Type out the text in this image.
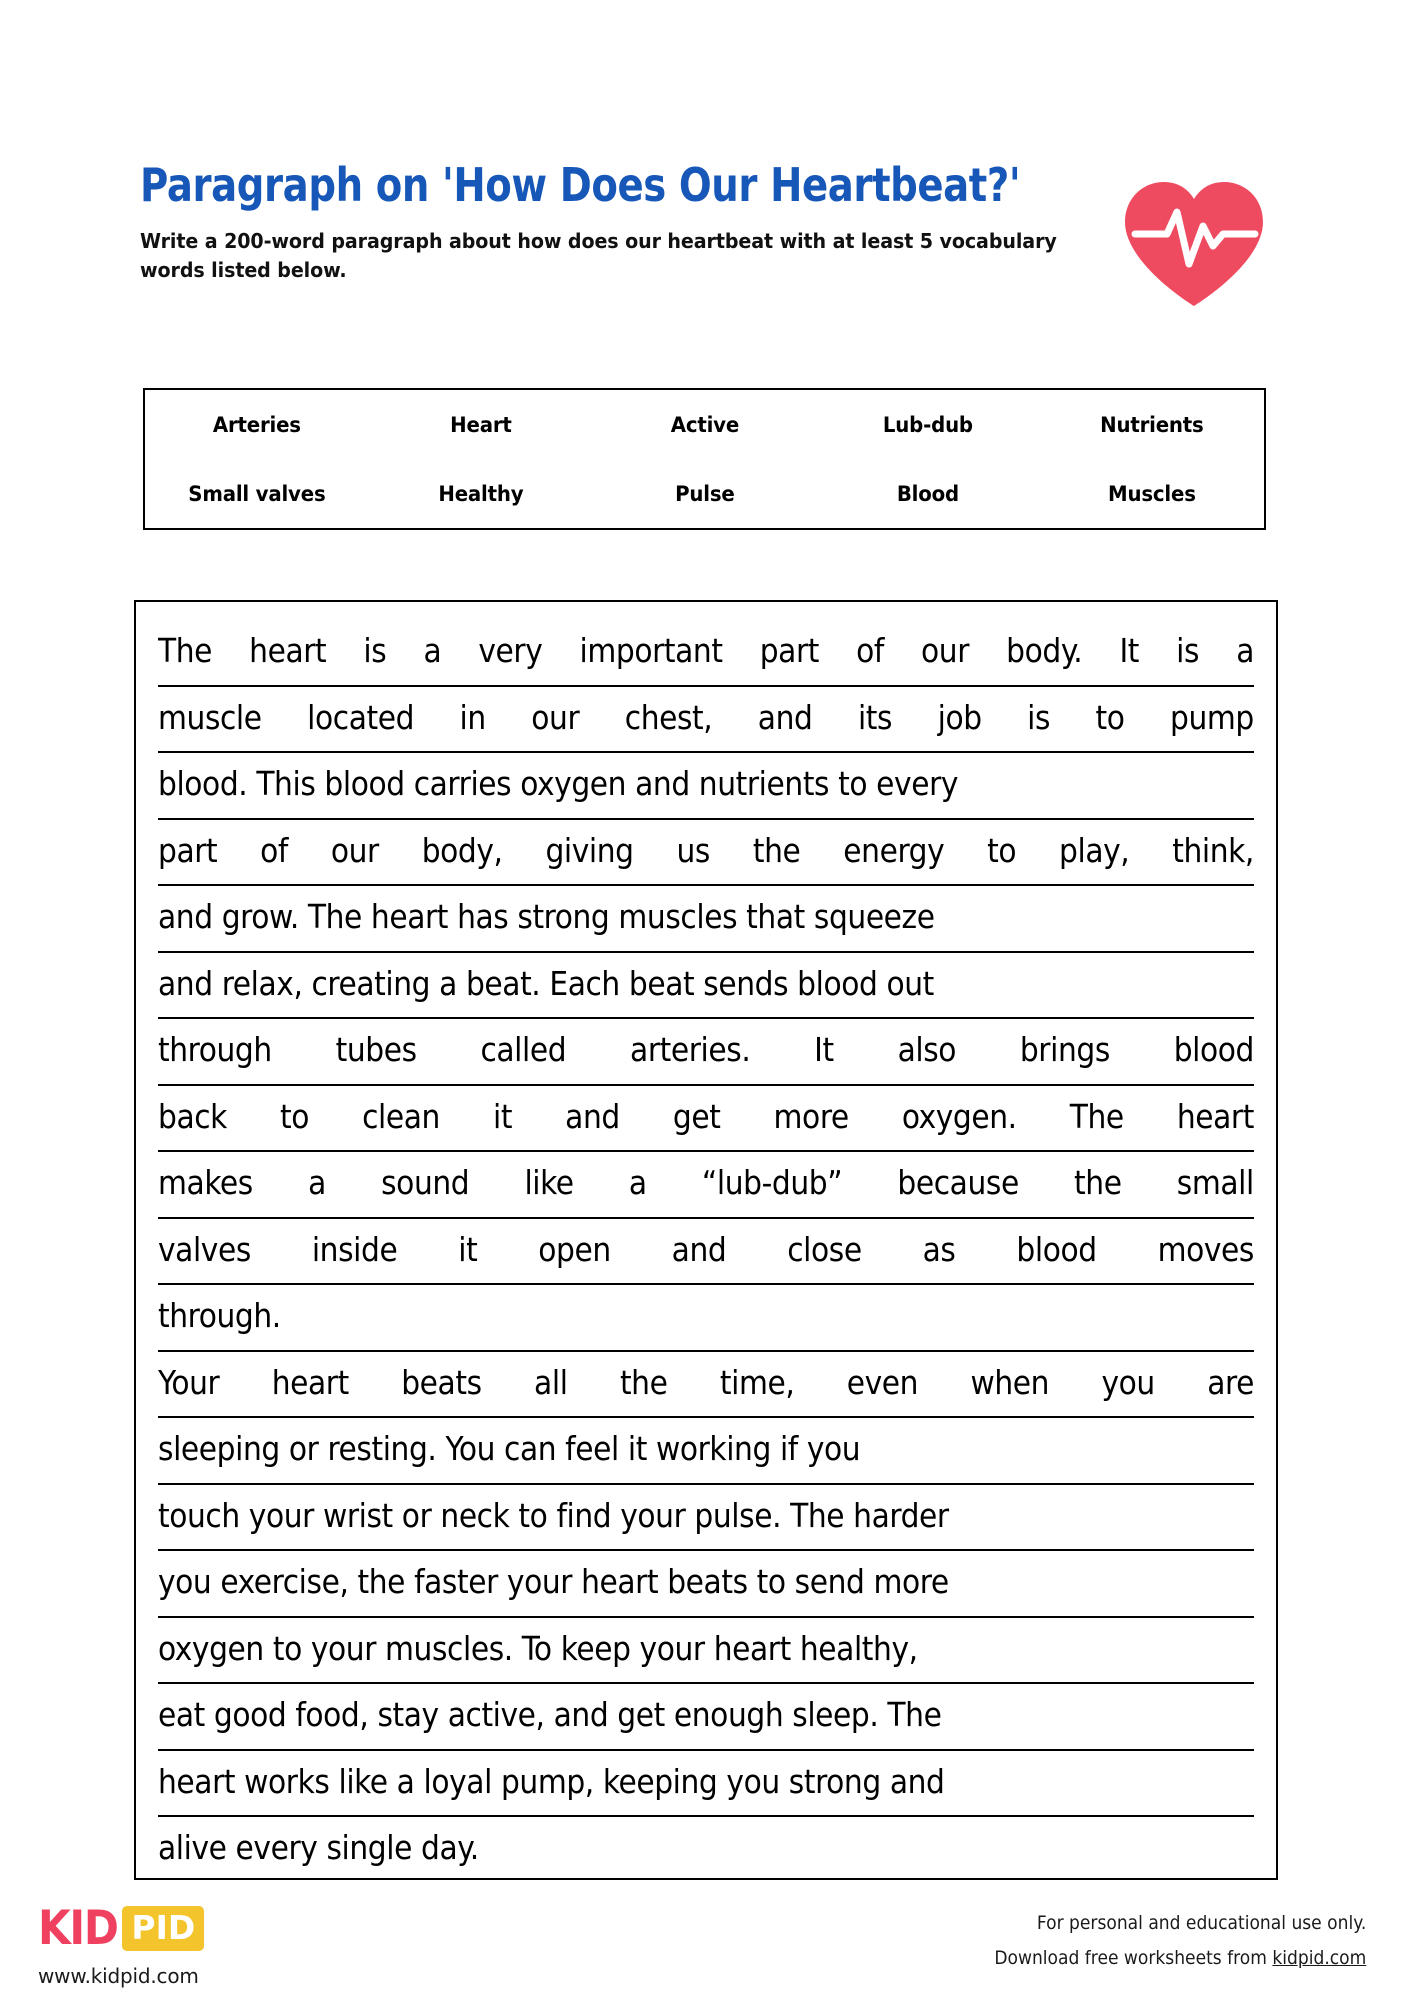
Paragraph on 'How Does Our Heartbeat?'

Write a 200-word paragraph about how does our heartbeat with at least 5 vocabulary words listed below.

Arteries	Heart	Active	Lub-dub	Nutrients
Small valves	Healthy	Pulse	Blood	Muscles
The heart is a very important part of our body. It is a
muscle located in our chest, and its job is to pump
blood. This blood carries oxygen and nutrients to every
part of our body, giving us the energy to play, think,
and grow. The heart has strong muscles that squeeze
and relax, creating a beat. Each beat sends blood out
through tubes called arteries. It also brings blood
back to clean it and get more oxygen. The heart
makes a sound like a “lub-dub” because the small
valves inside it open and close as blood moves
through.
Your heart beats all the time, even when you are
sleeping or resting. You can feel it working if you
touch your wrist or neck to find your pulse. The harder
you exercise, the faster your heart beats to send more
oxygen to your muscles. To keep your heart healthy,
eat good food, stay active, and get enough sleep. The
heart works like a loyal pump, keeping you strong and
alive every single day.
KID PID
www.kidpid.com
For personal and educational use only.
Download free worksheets from kidpid.com
